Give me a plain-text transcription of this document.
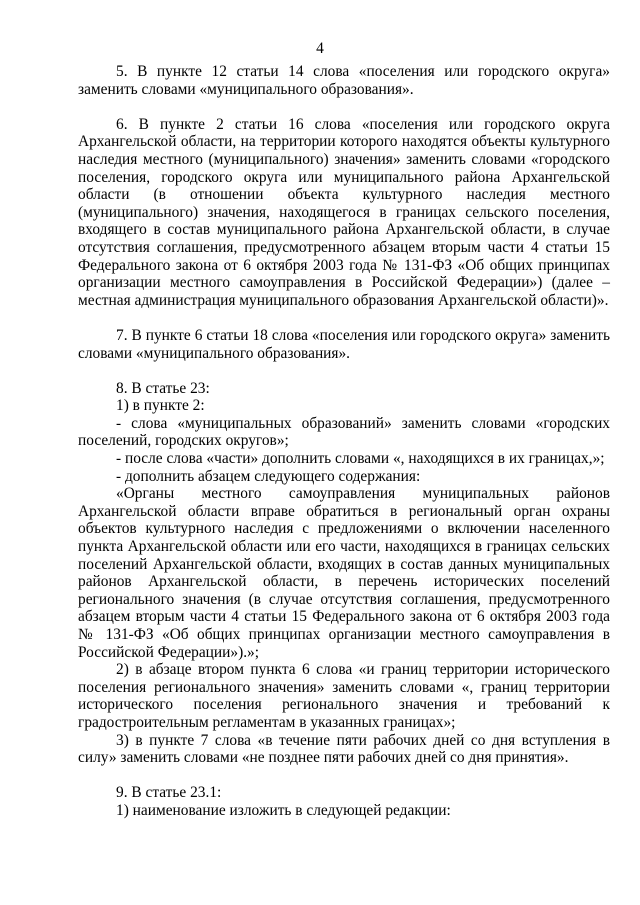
4

5. В пункте 12 статьи 14 слова «поселения или городского округа» заменить словами «муниципального образования».

6. В пункте 2 статьи 16 слова «поселения или городского округа Архангельской области, на территории которого находятся объекты культурного наследия местного (муниципального) значения» заменить словами «городского поселения, городского округа или муниципального района Архангельской области (в отношении объекта культурного наследия местного (муниципального) значения, находящегося в границах сельского поселения, входящего в состав муниципального района Архангельской области, в случае отсутствия соглашения, предусмотренного абзацем вторым части 4 статьи 15 Федерального закона от 6 октября 2003 года № 131-ФЗ «Об общих принципах организации местного самоуправления в Российской Федерации») (далее – местная администрация муниципального образования Архангельской области)».

7. В пункте 6 статьи 18 слова «поселения или городского округа» заменить словами «муниципального образования».

8. В статье 23:

1) в пункте 2:

- слова «муниципальных образований» заменить словами «городских поселений, городских округов»;

- после слова «части» дополнить словами «, находящихся в их границах,»;

- дополнить абзацем следующего содержания:

«Органы местного самоуправления муниципальных районов Архангельской области вправе обратиться в региональный орган охраны объектов культурного наследия с предложениями о включении населенного пункта Архангельской области или его части, находящихся в границах сельских поселений Архангельской области, входящих в состав данных муниципальных районов Архангельской области, в перечень исторических поселений регионального значения (в случае отсутствия соглашения, предусмотренного абзацем вторым части 4 статьи 15 Федерального закона от 6 октября 2003 года № 131-ФЗ «Об общих принципах организации местного самоуправления в Российской Федерации»).»;

2) в абзаце втором пункта 6 слова «и границ территории исторического поселения регионального значения» заменить словами «, границ территории исторического поселения регионального значения и требований к градостроительным регламентам в указанных границах»;

3) в пункте 7 слова «в течение пяти рабочих дней со дня вступления в силу» заменить словами «не позднее пяти рабочих дней со дня принятия».

9. В статье 23.1:

1) наименование изложить в следующей редакции:
